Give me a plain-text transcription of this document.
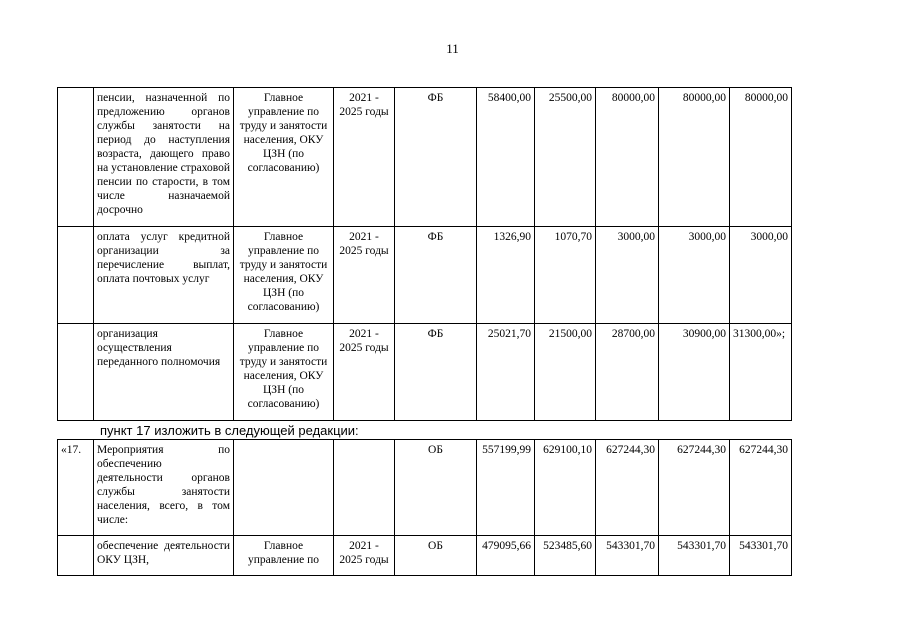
11
	пенсии, назначенной по предложению органов службы занятости на период до наступления возраста, дающего право на установление страховой пенсии по старости, в том числе назначаемой досрочно	Главное управление по труду и занятости населения, ОКУ ЦЗН (по согласованию)	2021 - 2025 годы	ФБ	58400,00	25500,00	80000,00	80000,00	80000,00
	оплата услуг кредитной организации за перечисление выплат, оплата почтовых услуг	Главное управление по труду и занятости населения, ОКУ ЦЗН (по согласованию)	2021 - 2025 годы	ФБ	1326,90	1070,70	3000,00	3000,00	3000,00
	организация осуществления переданного полномочия	Главное управление по труду и занятости населения, ОКУ ЦЗН (по согласованию)	2021 - 2025 годы	ФБ	25021,70	21500,00	28700,00	30900,00	31300,00»;
пункт 17 изложить в следующей редакции:
«17.	Мероприятия по обеспечению деятельности органов службы занятости населения, всего, в том числе:			ОБ	557199,99	629100,10	627244,30	627244,30	627244,30
	обеспечение деятельности ОКУ ЦЗН,	Главное управление по	2021 - 2025 годы	ОБ	479095,66	523485,60	543301,70	543301,70	543301,70
